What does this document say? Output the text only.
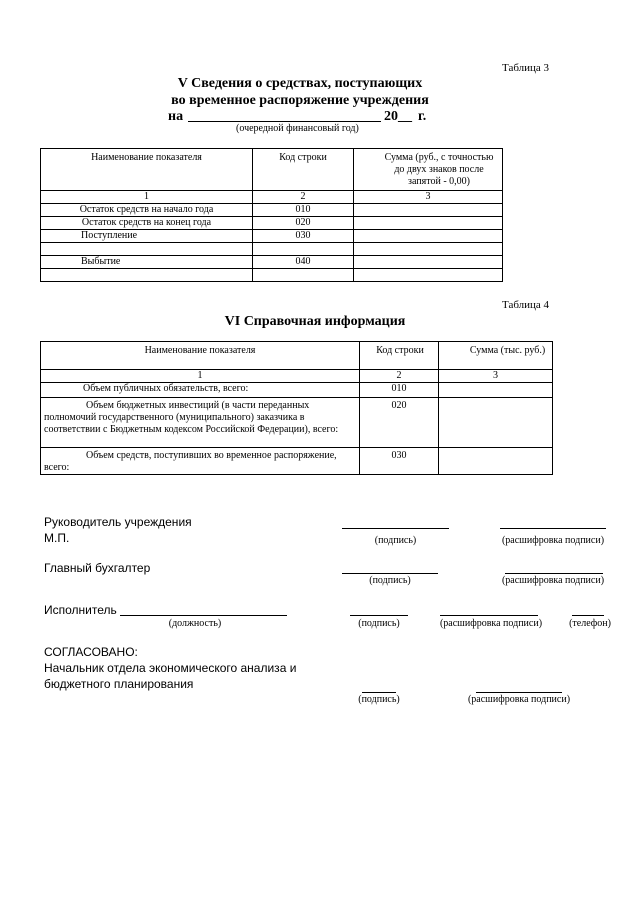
Таблица 3
V Сведения о средствах, поступающих
во временное распоряжение учреждения
на	20__ г.
(очередной финансовый год)
Наименование показателя	Код строки	Сумма (руб., с точностью до двух знаков после запятой - 0,00)
1	2	3
Остаток средств на начало года	010	
Остаток средств на конец года	020	
Поступление	030	

Выбытие	040	

Таблица 4
VI Справочная информация
Наименование показателя	Код строки	Сумма (тыс. руб.)
1	2	3
Объем публичных обязательств, всего:	010	
Объем бюджетных инвестиций (в части переданных полномочий государственного (муниципального) заказчика в соответствии с Бюджетным кодексом Российской Федерации), всего:	020	
Объем средств, поступивших во временное распоряжение, всего:	030	
Руководитель учреждения
М.П.	(подпись)	(расшифровка подписи)
Главный бухгалтер
(подпись)	(расшифровка подписи)
Исполнитель
(должность)	(подпись)	(расшифровка подписи)	(телефон)
СОГЛАСОВАНО:
Начальник отдела экономического анализа и
бюджетного планирования
(подпись)	(расшифровка подписи)
